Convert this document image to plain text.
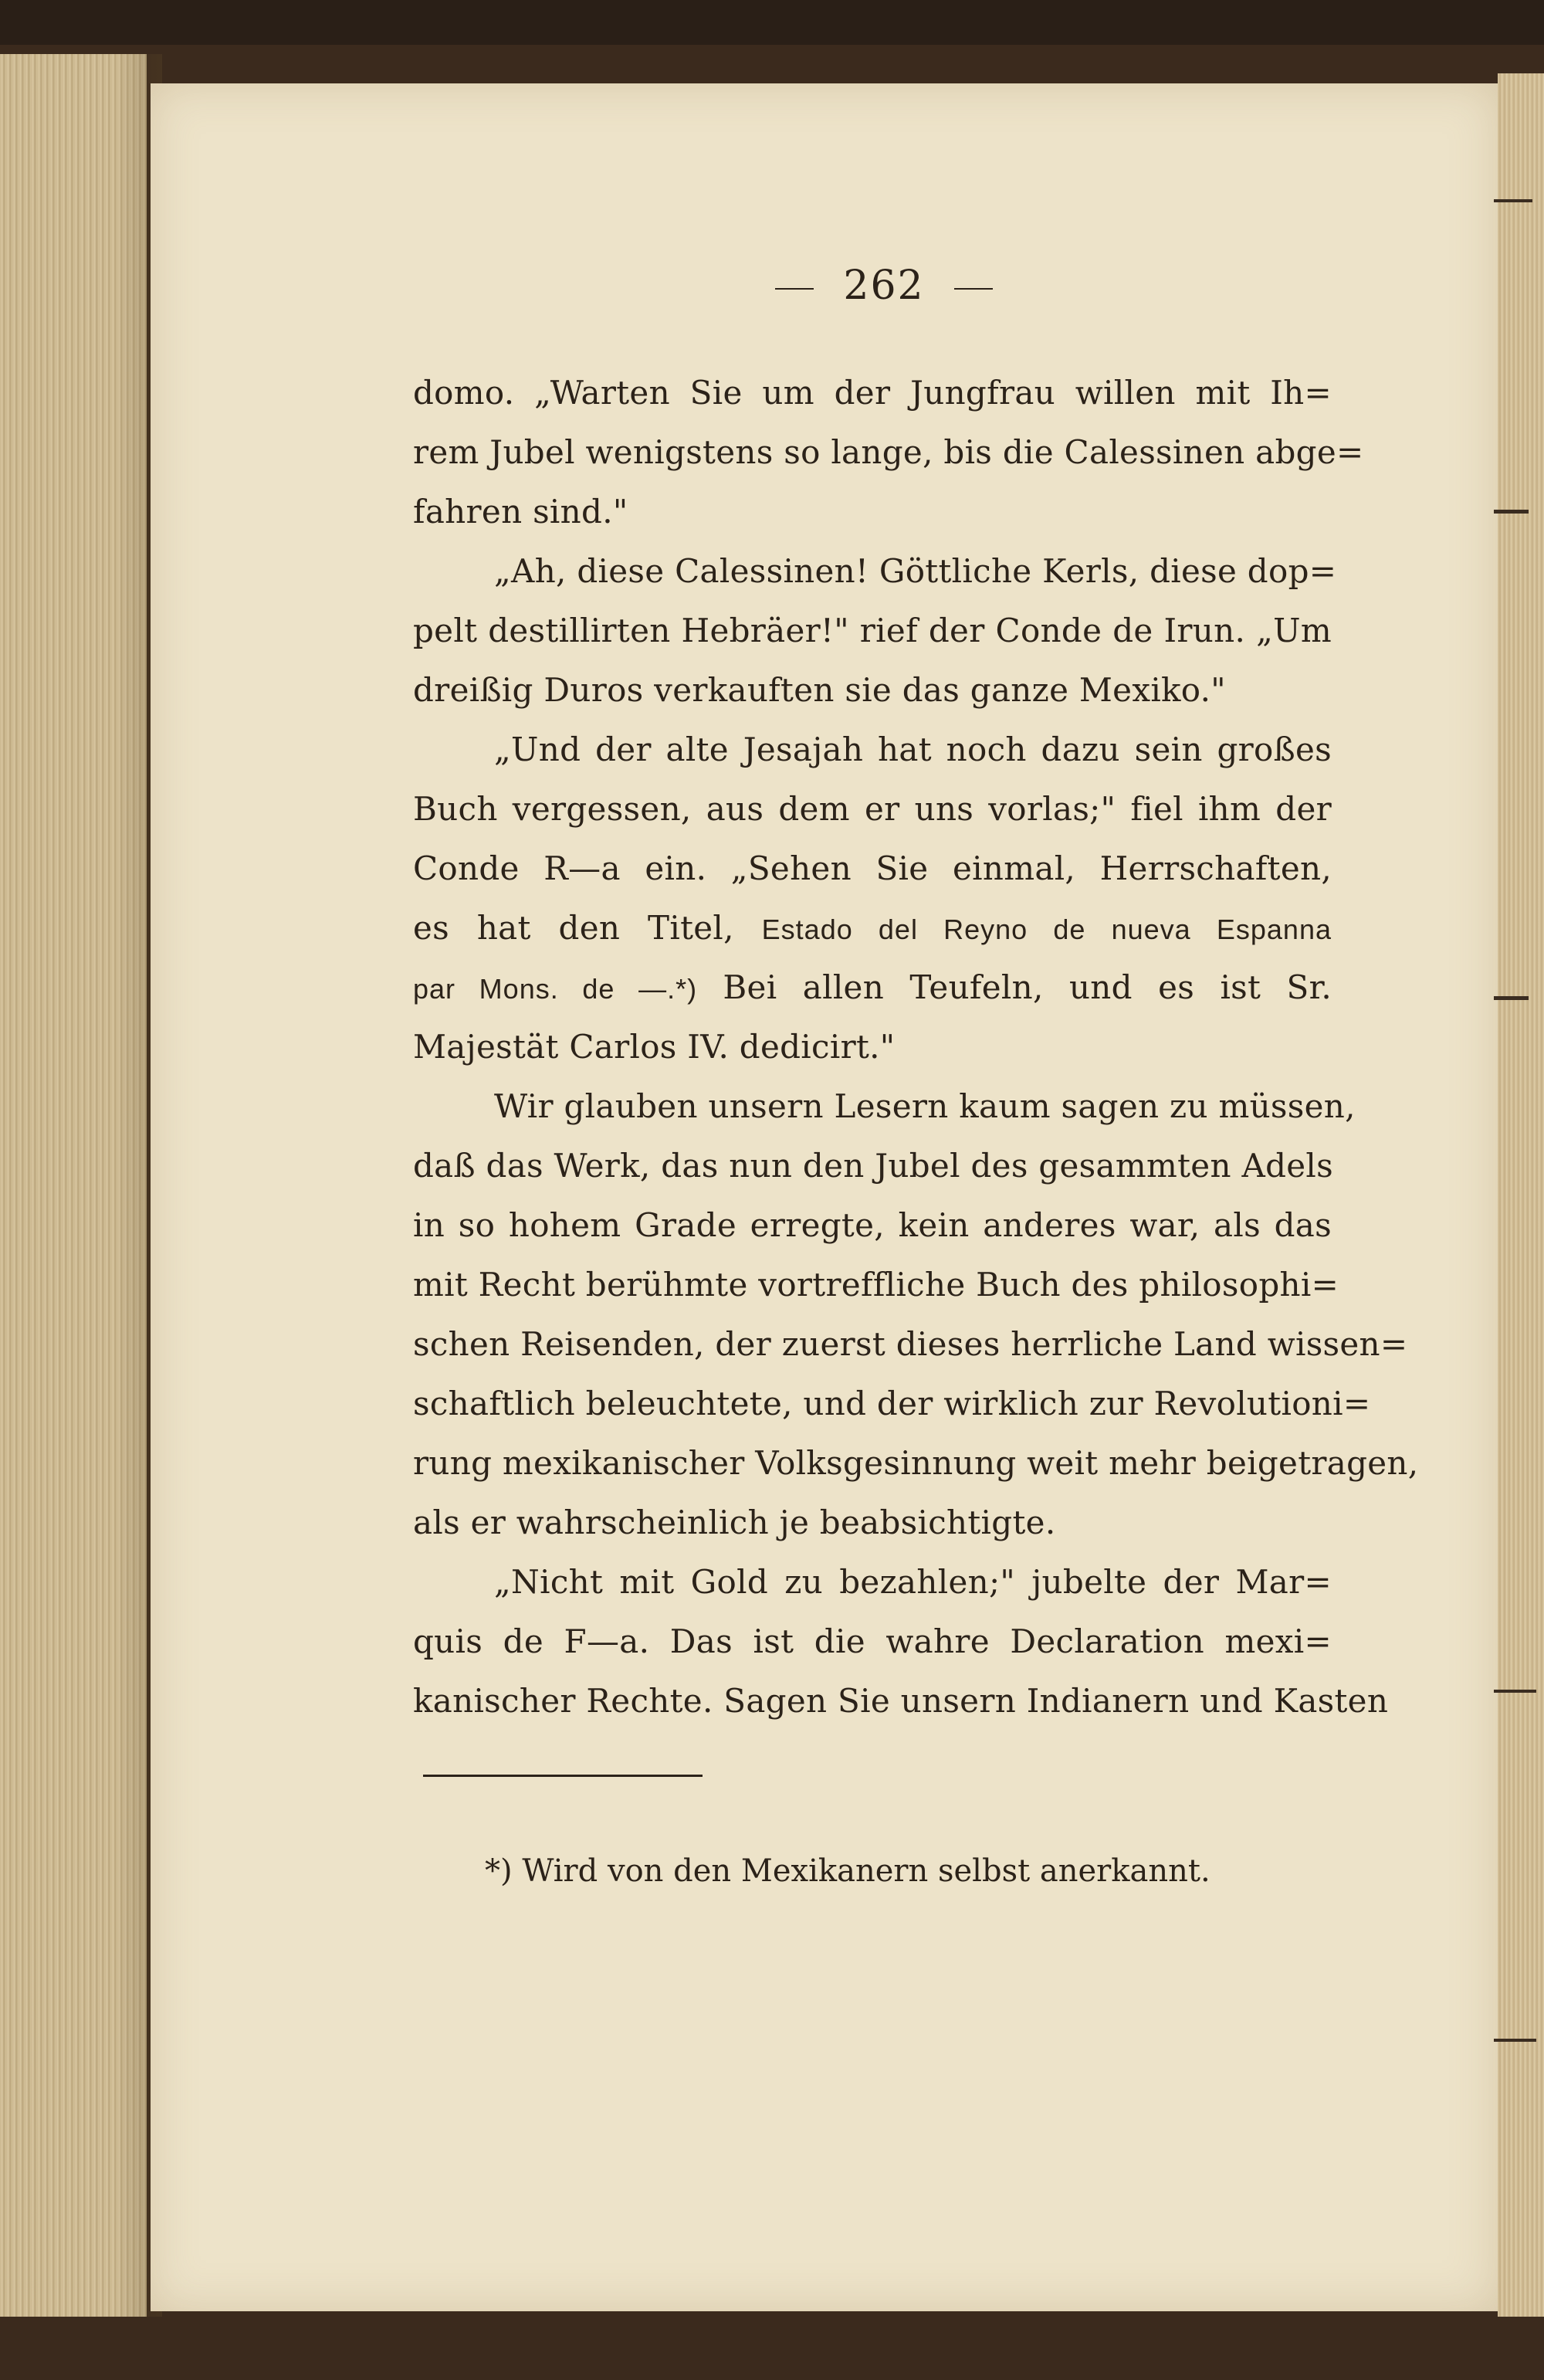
262
domo. „Warten Sie um der Jungfrau willen mit Ih=
rem Jubel wenigstens so lange, bis die Calessinen abge=
fahren sind."
„Ah, diese Calessinen! Göttliche Kerls, diese dop=
pelt destillirten Hebräer!" rief der Conde de Irun. „Um
dreißig Duros verkauften sie das ganze Mexiko."
„Und der alte Jesajah hat noch dazu sein großes
Buch vergessen, aus dem er uns vorlas;" fiel ihm der
Conde R—a ein. „Sehen Sie einmal, Herrschaften,
es hat den Titel, Estado del Reyno de nueva Espanna
par Mons. de —.*) Bei allen Teufeln, und es ist Sr.
Majestät Carlos IV. dedicirt."
Wir glauben unsern Lesern kaum sagen zu müssen,
daß das Werk, das nun den Jubel des gesammten Adels
in so hohem Grade erregte, kein anderes war, als das
mit Recht berühmte vortreffliche Buch des philosophi=
schen Reisenden, der zuerst dieses herrliche Land wissen=
schaftlich beleuchtete, und der wirklich zur Revolutioni=
rung mexikanischer Volksgesinnung weit mehr beigetragen,
als er wahrscheinlich je beabsichtigte.
„Nicht mit Gold zu bezahlen;" jubelte der Mar=
quis de F—a. Das ist die wahre Declaration mexi=
kanischer Rechte. Sagen Sie unsern Indianern und Kasten
*) Wird von den Mexikanern selbst anerkannt.
